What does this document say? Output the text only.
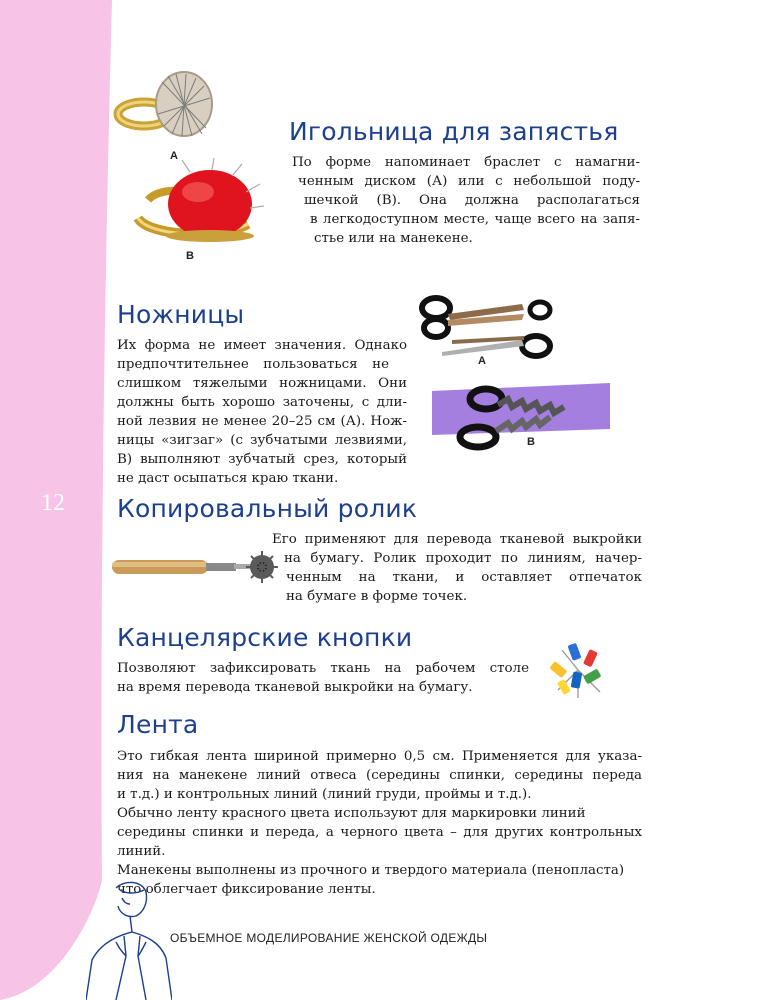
12
А
В
Игольница для запястья
По форме напоминает браслет с намагни-
ченным диском (А) или с небольшой поду-
шечкой (В). Она должна располагаться
в легкодоступном месте, чаще всего на запя-
стье или на манекене.
Ножницы
Их форма не имеет значения. Однако
предпочтительнее пользоваться не
слишком тяжелыми ножницами. Они
должны быть хорошо заточены, с дли-
ной лезвия не менее 20–25 см (А). Нож-
ницы «зигзаг» (с зубчатыми лезвиями,
В) выполняют зубчатый срез, который
не даст осыпаться краю ткани.
А
В
Копировальный ролик
Его применяют для перевода тканевой выкройки
на бумагу. Ролик проходит по линиям, начер-
ченным на ткани, и оставляет отпечаток
на бумаге в форме точек.
Канцелярские кнопки
Позволяют зафиксировать ткань на рабочем столе
на время перевода тканевой выкройки на бумагу.
Лента
Это гибкая лента шириной примерно 0,5 см. Применяется для указа-
ния на манекене линий отвеса (середины спинки, середины переда
и т.д.) и контрольных линий (линий груди, проймы и т.д.).
Обычно ленту красного цвета используют для маркировки линий
середины спинки и переда, а черного цвета – для других контрольных
линий.
Манекены выполнены из прочного и твердого материала (пенопласта)
что облегчает фиксирование ленты.
ОБЪЕМНОЕ МОДЕЛИРОВАНИЕ ЖЕНСКОЙ ОДЕЖДЫ
